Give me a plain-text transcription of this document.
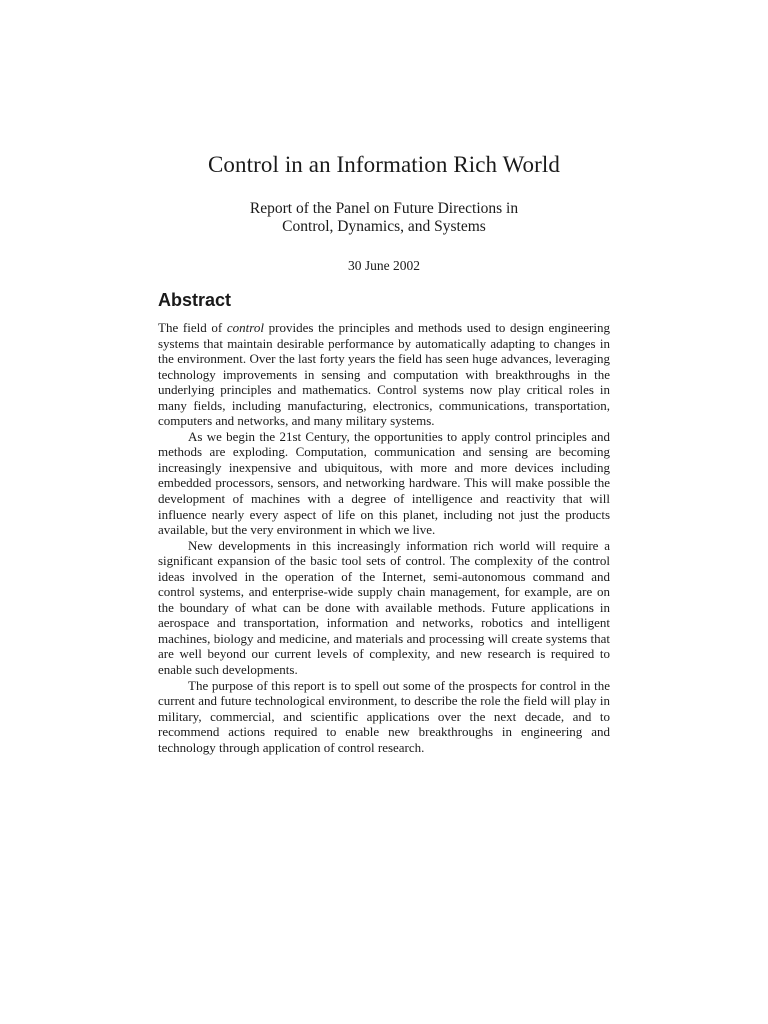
Control in an Information Rich World
Report of the Panel on Future Directions in
Control, Dynamics, and Systems
30 June 2002
Abstract

The field of control provides the principles and methods used to design engineering systems that maintain desirable performance by automatically adapting to changes in the environment. Over the last forty years the field has seen huge advances, leveraging technology improvements in sensing and computation with breakthroughs in the underlying principles and mathematics. Control systems now play critical roles in many fields, including manufacturing, electronics, communications, transportation, computers and networks, and many military systems.

As we begin the 21st Century, the opportunities to apply control principles and methods are exploding. Computation, communication and sensing are becoming increasingly inexpensive and ubiquitous, with more and more devices including embedded processors, sensors, and networking hardware. This will make possible the development of machines with a degree of intelligence and reactivity that will influence nearly every aspect of life on this planet, including not just the products available, but the very environment in which we live.

New developments in this increasingly information rich world will require a significant expansion of the basic tool sets of control. The complexity of the control ideas involved in the operation of the Internet, semi-autonomous command and control systems, and enterprise-wide supply chain management, for example, are on the boundary of what can be done with available methods. Future applications in aerospace and transportation, information and networks, robotics and intelligent machines, biology and medicine, and materials and processing will create systems that are well beyond our current levels of complexity, and new research is required to enable such developments.

The purpose of this report is to spell out some of the prospects for control in the current and future technological environment, to describe the role the field will play in military, commercial, and scientific applications over the next decade, and to recommend actions required to enable new breakthroughs in engineering and technology through application of control research.
